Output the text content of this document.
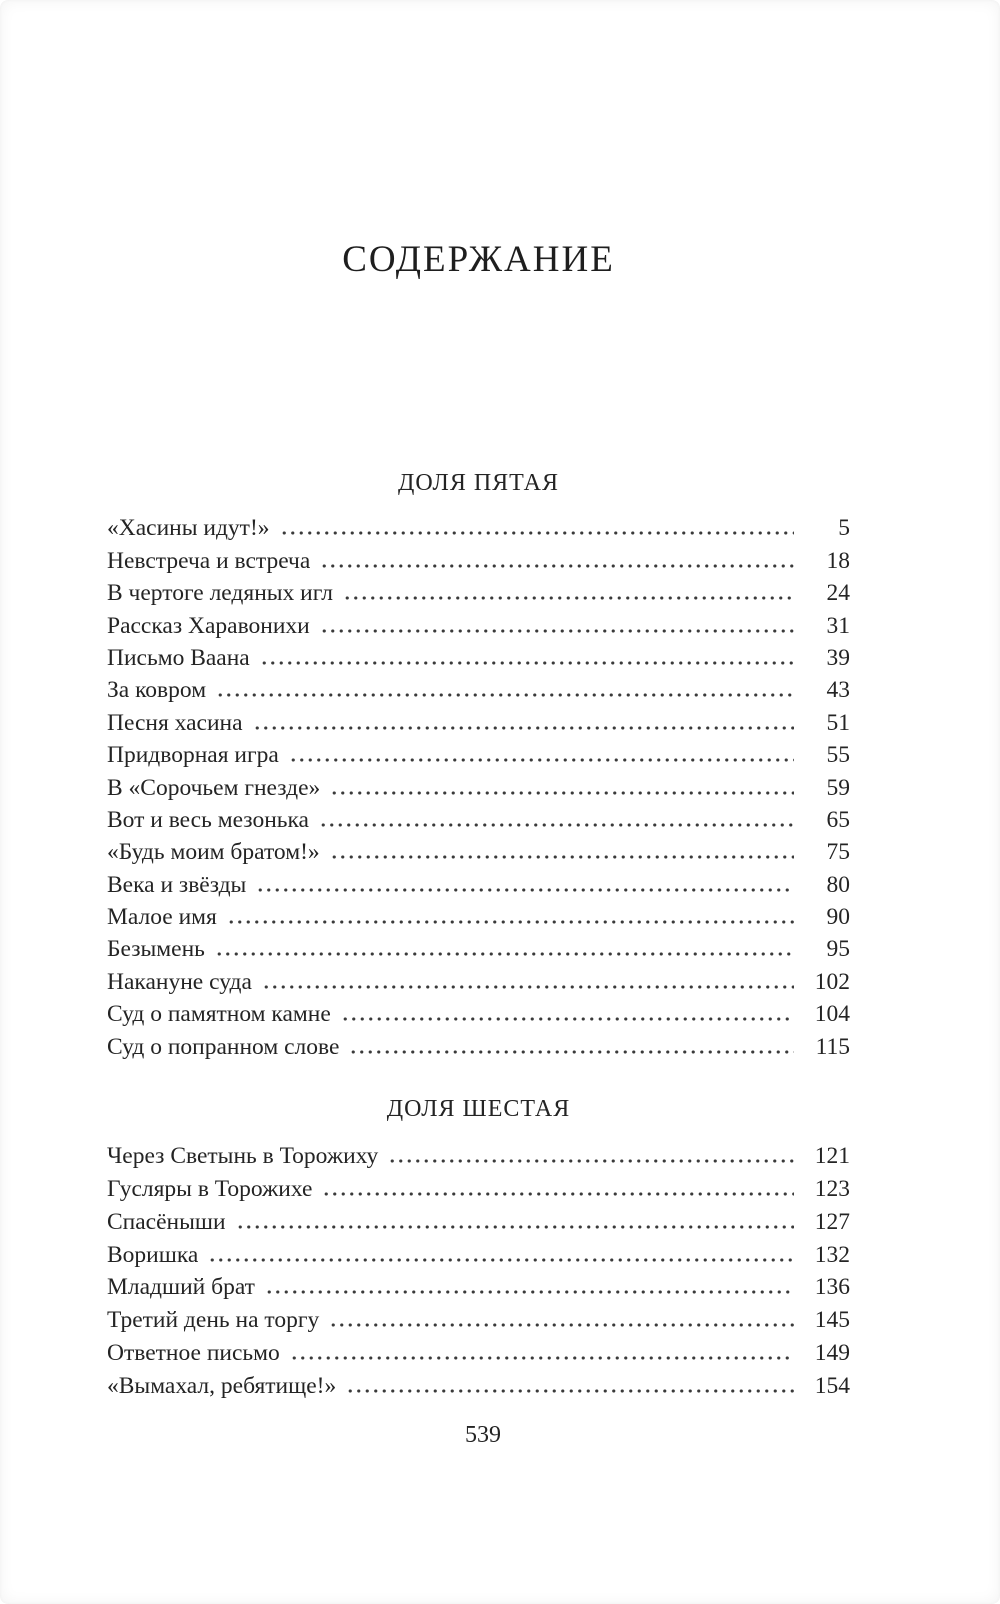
СОДЕРЖАНИЕ
ДОЛЯ ПЯТАЯ
«Хасины идут!»	5
Невстреча и встреча	18
В чертоге ледяных игл	24
Рассказ Харавонихи	31
Письмо Ваана	39
За ковром	43
Песня хасина	51
Придворная игра	55
В «Сорочьем гнезде»	59
Вот и весь мезонька	65
«Будь моим братом!»	75
Века и звёзды	80
Малое имя	90
Безымень	95
Накануне суда	102
Суд о памятном камне	104
Суд о попранном слове	115
ДОЛЯ ШЕСТАЯ
Через Светынь в Торожиху	121
Гусляры в Торожихе	123
Спасёныши	127
Воришка	132
Младший брат	136
Третий день на торгу	145
Ответное письмо	149
«Вымахал, ребятище!»	154
539
